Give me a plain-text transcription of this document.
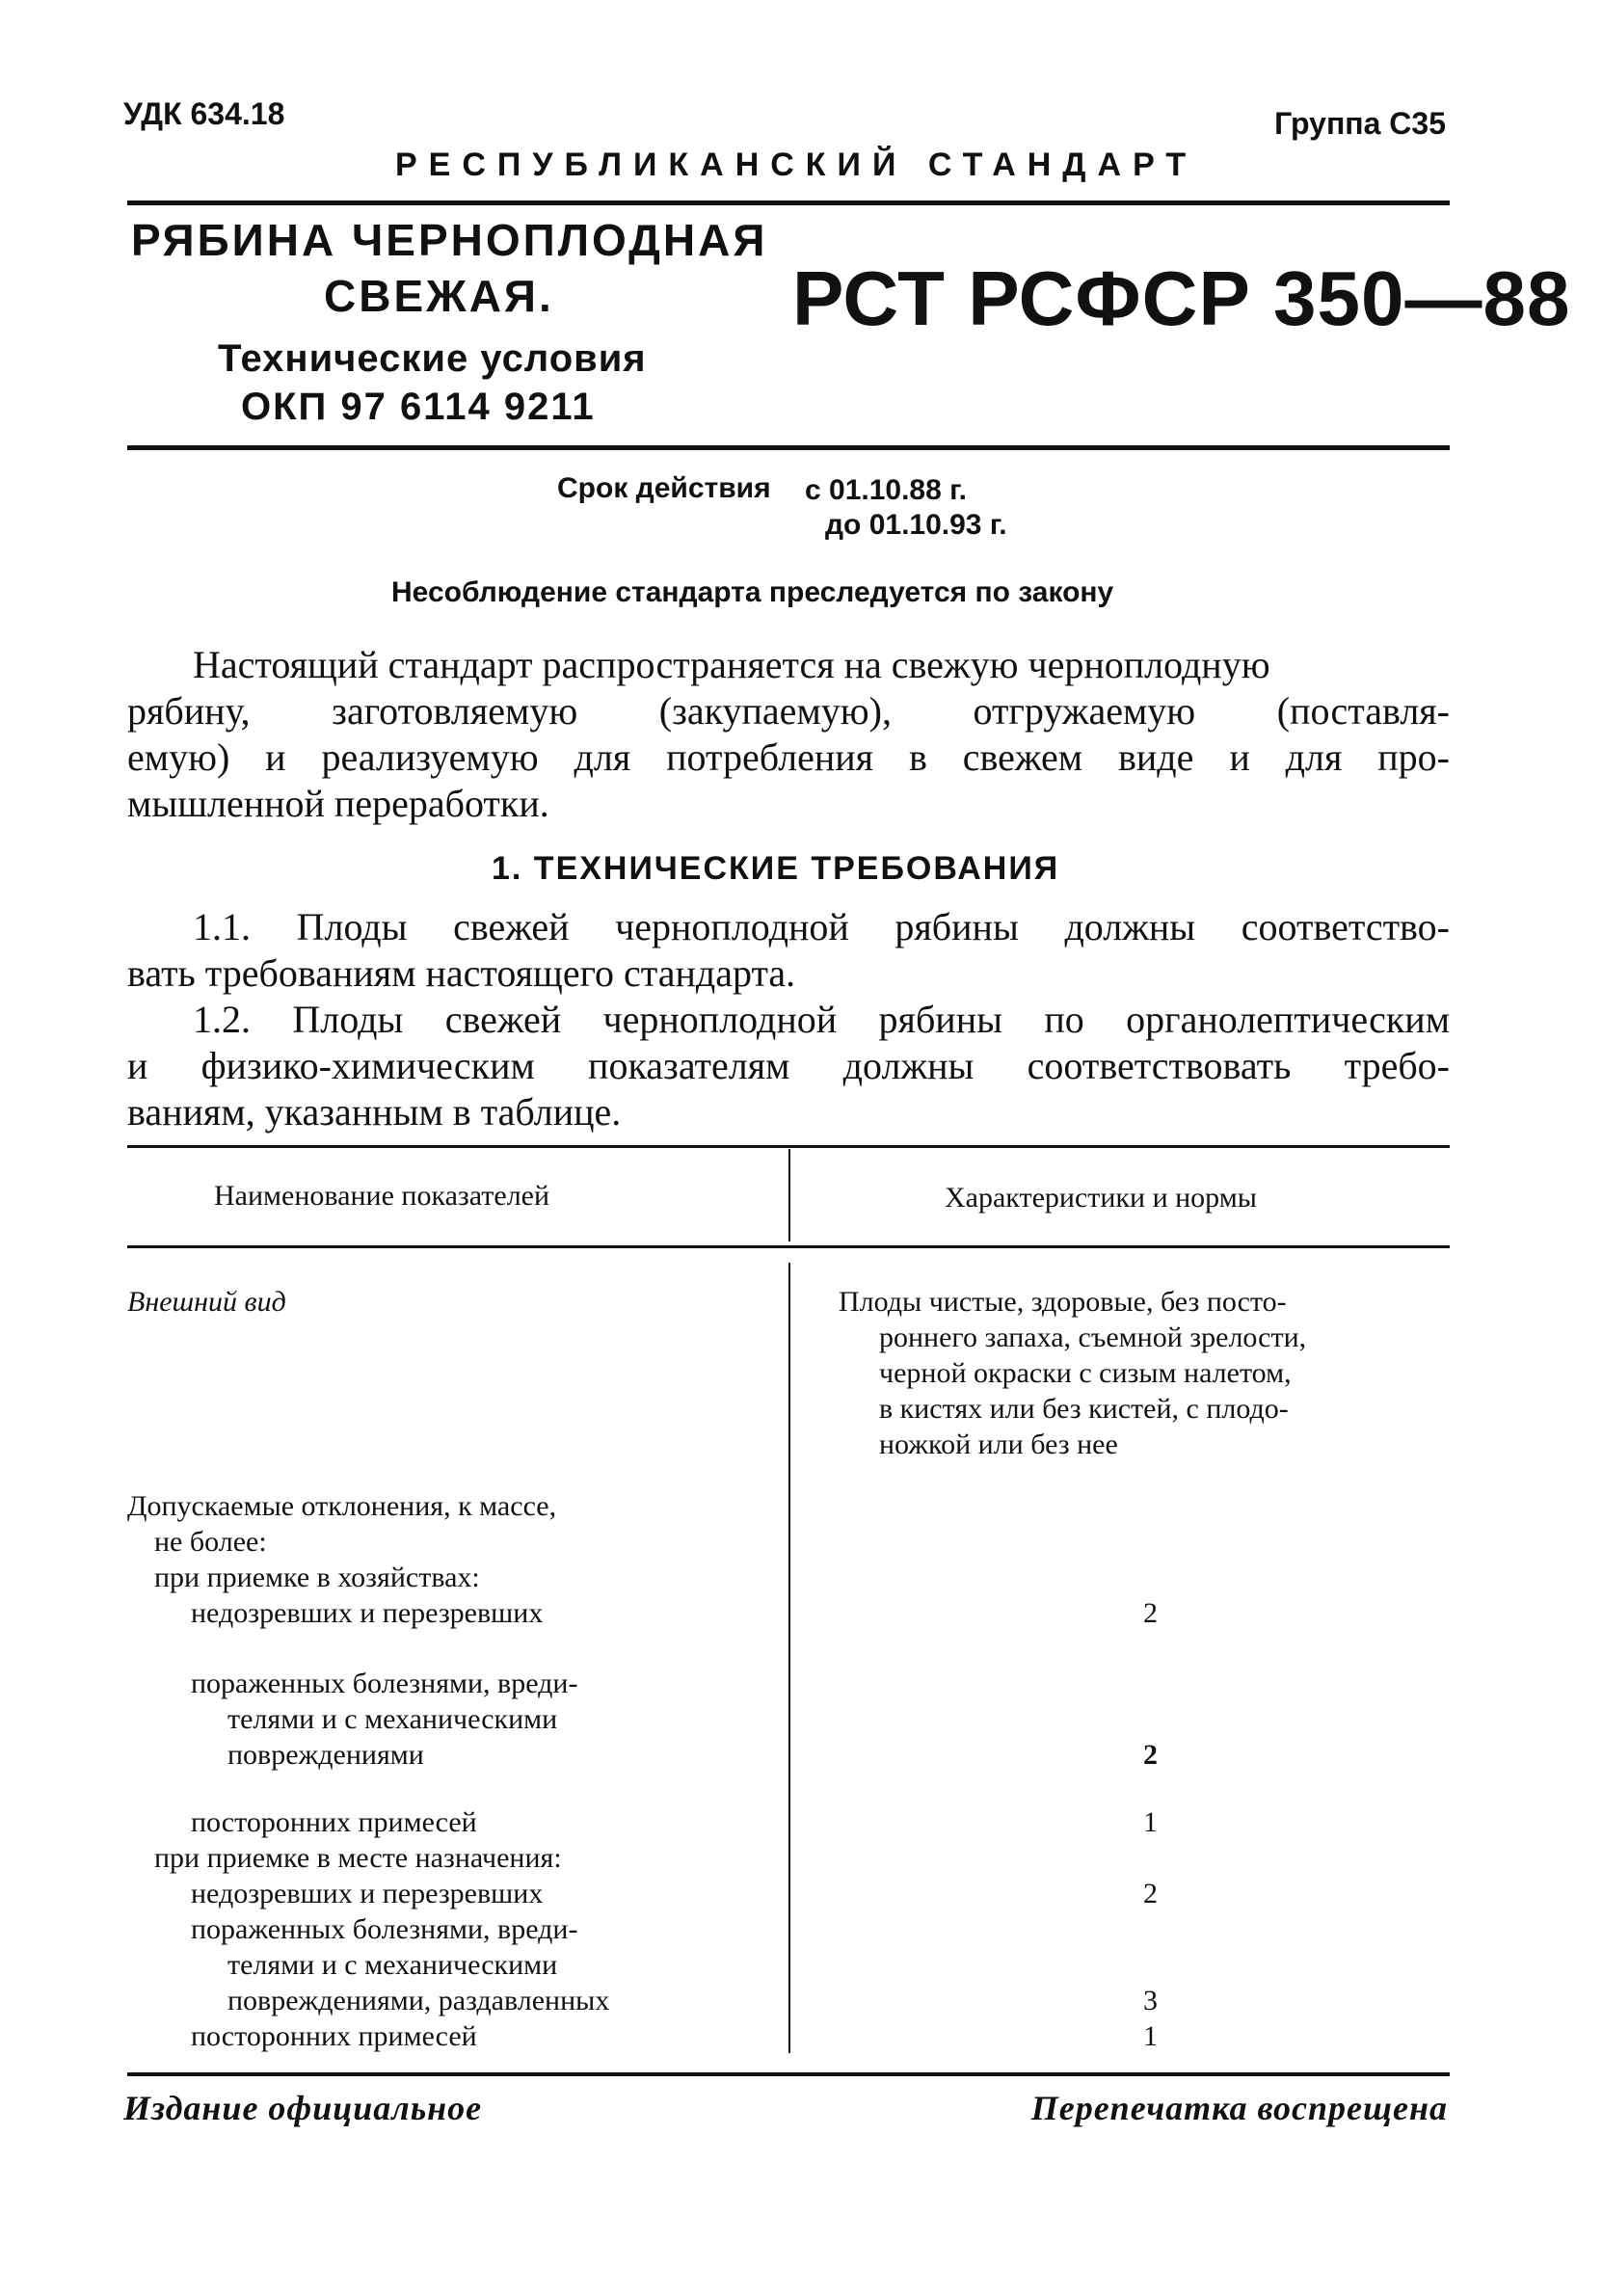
УДК 634.18	Группа С35
РЕСПУБЛИКАНСКИЙ СТАНДАРТ
РЯБИНА ЧЕРНОПЛОДНАЯ
СВЕЖАЯ.
Технические условия
ОКП 97 6114 9211
РСТ РСФСР 350—88
Срок действия с 01.10.88 г.
до 01.10.93 г.
Несоблюдение стандарта преследуется по закону
Настоящий стандарт распространяется на свежую черноплодную
рябину, заготовляемую (закупаемую), отгружаемую (поставля-
емую) и реализуемую для потребления в свежем виде и для про-
мышленной переработки.
1. ТЕХНИЧЕСКИЕ ТРЕБОВАНИЯ
1.1. Плоды свежей черноплодной рябины должны соответство-
вать требованиям настоящего стандарта.
1.2. Плоды свежей черноплодной рябины по органолептическим
и физико-химическим показателям должны соответствовать требо-
ваниям, указанным в таблице.
Наименование показателей	Характеристики и нормы
Внешний вид	Плоды чистые, здоровые, без посто-
роннего запаха, съемной зрелости,
черной окраски с сизым налетом,
в кистях или без кистей, с плодо-
ножкой или без нее
Допускаемые отклонения, к массе,
не более:
при приемке в хозяйствах:
недозревших и перезревших	2
пораженных болезнями, вреди-
телями и с механическими
повреждениями	2
посторонних примесей	1
при приемке в месте назначения:
недозревших и перезревших	2
пораженных болезнями, вреди-
телями и с механическими
повреждениями, раздавленных	3
посторонних примесей	1
Издание официальное	Перепечатка воспрещена
